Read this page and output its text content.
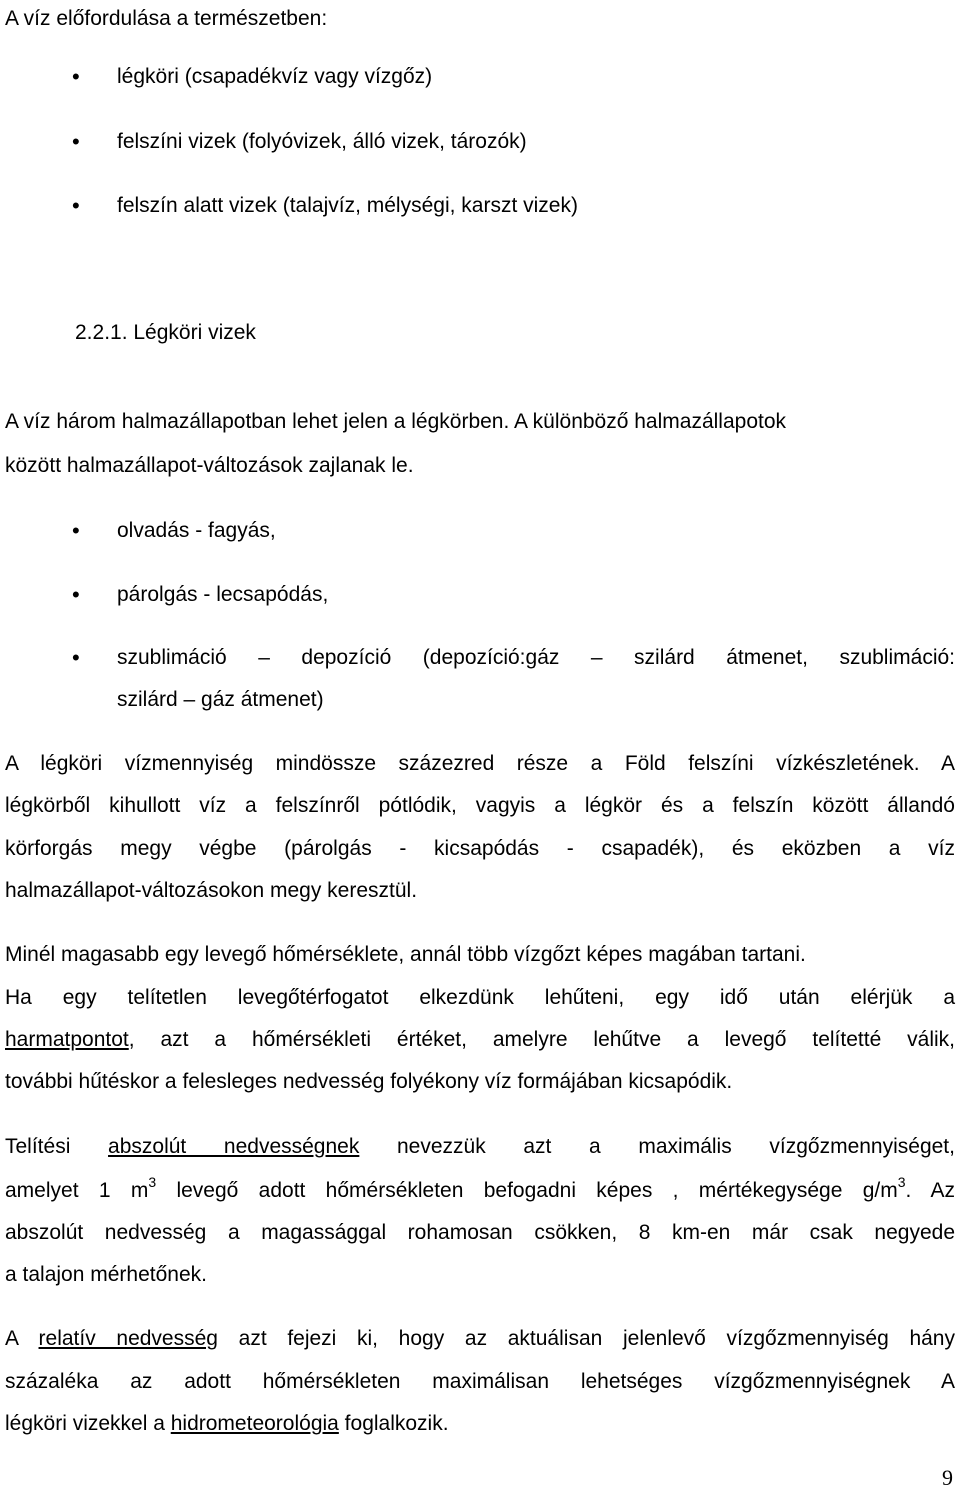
A víz előfordulása a természetben:

• légköri (csapadékvíz vagy vízgőz)

• felszíni vizek (folyóvizek, álló vizek, tározók)

• felszín alatt vizek (talajvíz, mélységi, karszt vizek)

2.2.1. Légköri vizek

A víz három halmazállapotban lehet jelen a légkörben. A különböző halmazállapotok

között halmazállapot-változások zajlanak le.

• olvadás - fagyás,

• párolgás - lecsapódás,

• szublimáció – depozíció (depozíció:gáz – szilárd átmenet, szublimáció:

szilárd – gáz átmenet)

A légköri vízmennyiség mindössze százezred része a Föld felszíni vízkészletének. A

légkörből kihullott víz a felszínről pótlódik, vagyis a légkör és a felszín között állandó

körforgás megy végbe (párolgás - kicsapódás - csapadék), és eközben a víz

halmazállapot-változásokon megy keresztül.

Minél magasabb egy levegő hőmérséklete, annál több vízgőzt képes magában tartani.

Ha egy telítetlen levegőtérfogatot elkezdünk lehűteni, egy idő után elérjük a

harmatpontot, azt a hőmérsékleti értéket, amelyre lehűtve a levegő telítetté válik,

további hűtéskor a felesleges nedvesség folyékony víz formájában kicsapódik.

Telítési abszolút nedvességnek nevezzük azt a maximális vízgőzmennyiséget,

amelyet 1 $m^3$ levegő adott hőmérsékleten befogadni képes , mértékegysége $g/m^3$. Az

abszolút nedvesség a magassággal rohamosan csökken, 8 km-en már csak negyede

a talajon mérhetőnek.

A relatív nedvesség azt fejezi ki, hogy az aktuálisan jelenlevő vízgőzmennyiség hány

százaléka az adott hőmérsékleten maximálisan lehetséges vízgőzmennyiségnek A

légköri vizekkel a hidrometeorológia foglalkozik.

9
